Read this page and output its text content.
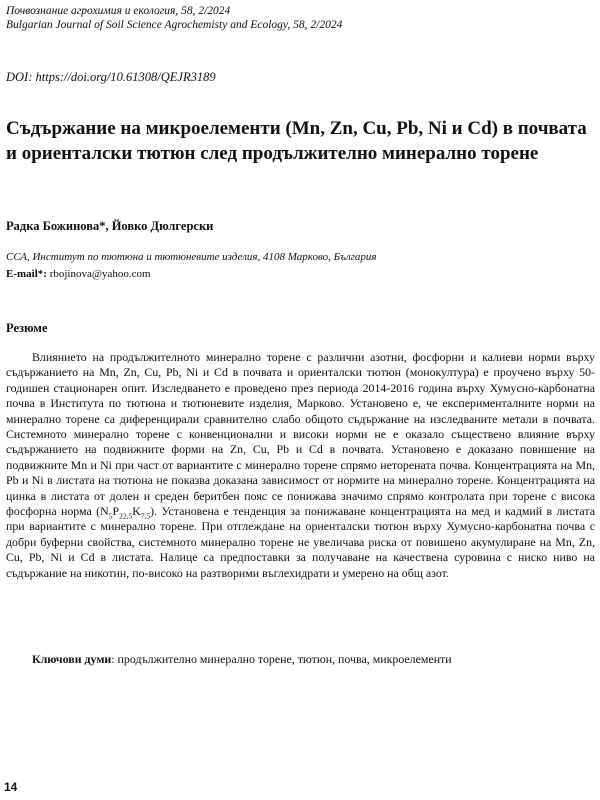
Почвознание агрохимия и екология, 58, 2/2024
Bulgarian Journal of Soil Science Agrochemisty and Ecology, 58, 2/2024
DOI: https://doi.org/10.61308/QEJR3189
Съдържание на микроелементи (Mn, Zn, Cu, Pb, Ni и Cd) в почвата и ориенталски тютюн след продължително минерално торене
Радка Божинова*, Йовко Дюлгерски
ССА, Институт по тютюна и тютюневите изделия, 4108 Марково, България
E-mail*: rbojinova@yahoo.com
Резюме

Влиянието на продължителното минерално торене с различни азотни, фосфорни и калиеви норми върху съдържанието на Mn, Zn, Cu, Pb, Ni и Cd в почвата и ориенталски тютюн (монокултура) е проучено върху 50-годишен стационарен опит. Изследването е проведено през периода 2014-2016 година върху Хумусно-карбонатна почва в Института по тютюна и тютюневите изделия, Марково. Установено е, че експерименталните норми на минерално торене са диференцирали сравнително слабо общото съдържание на изследваните метали в почвата. Системното минерално торене с конвенционални и високи норми не е оказало съществено влияние върху съдържанието на подвижните форми на Zn, Cu, Pb и Cd в почвата. Установено е доказано повишение на подвижните Mn и Ni при част от вариантите с минерално торене спрямо неторената почва. Концентрацията на Mn, Pb и Ni в листата на тютюна не показва доказана зависимост от нормите на минерално торене. Концентрацията на цинка в листата от долен и среден беритбен пояс се понижава значимо спрямо контролата при торене с висока фосфорна норма $(N_5P_{22,5}K_{7,5})$. Установена е тенденция за понижаване концентрацията на мед и кадмий в листата при вариантите с минерално торене. При отглеждане на ориенталски тютюн върху Хумусно-карбонатна почва с добри буферни свойства, системното минерално торене не увеличава риска от повишено акумулиране на Mn, Zn, Cu, Pb, Ni и Cd в листата. Налице са предпоставки за получаване на качествена суровина с ниско ниво на съдържание на никотин, по-високо на разтворими въглехидрати и умерено на общ азот.

Ключови думи: продължително минерално торене, тютюн, почва, микроелементи
14
